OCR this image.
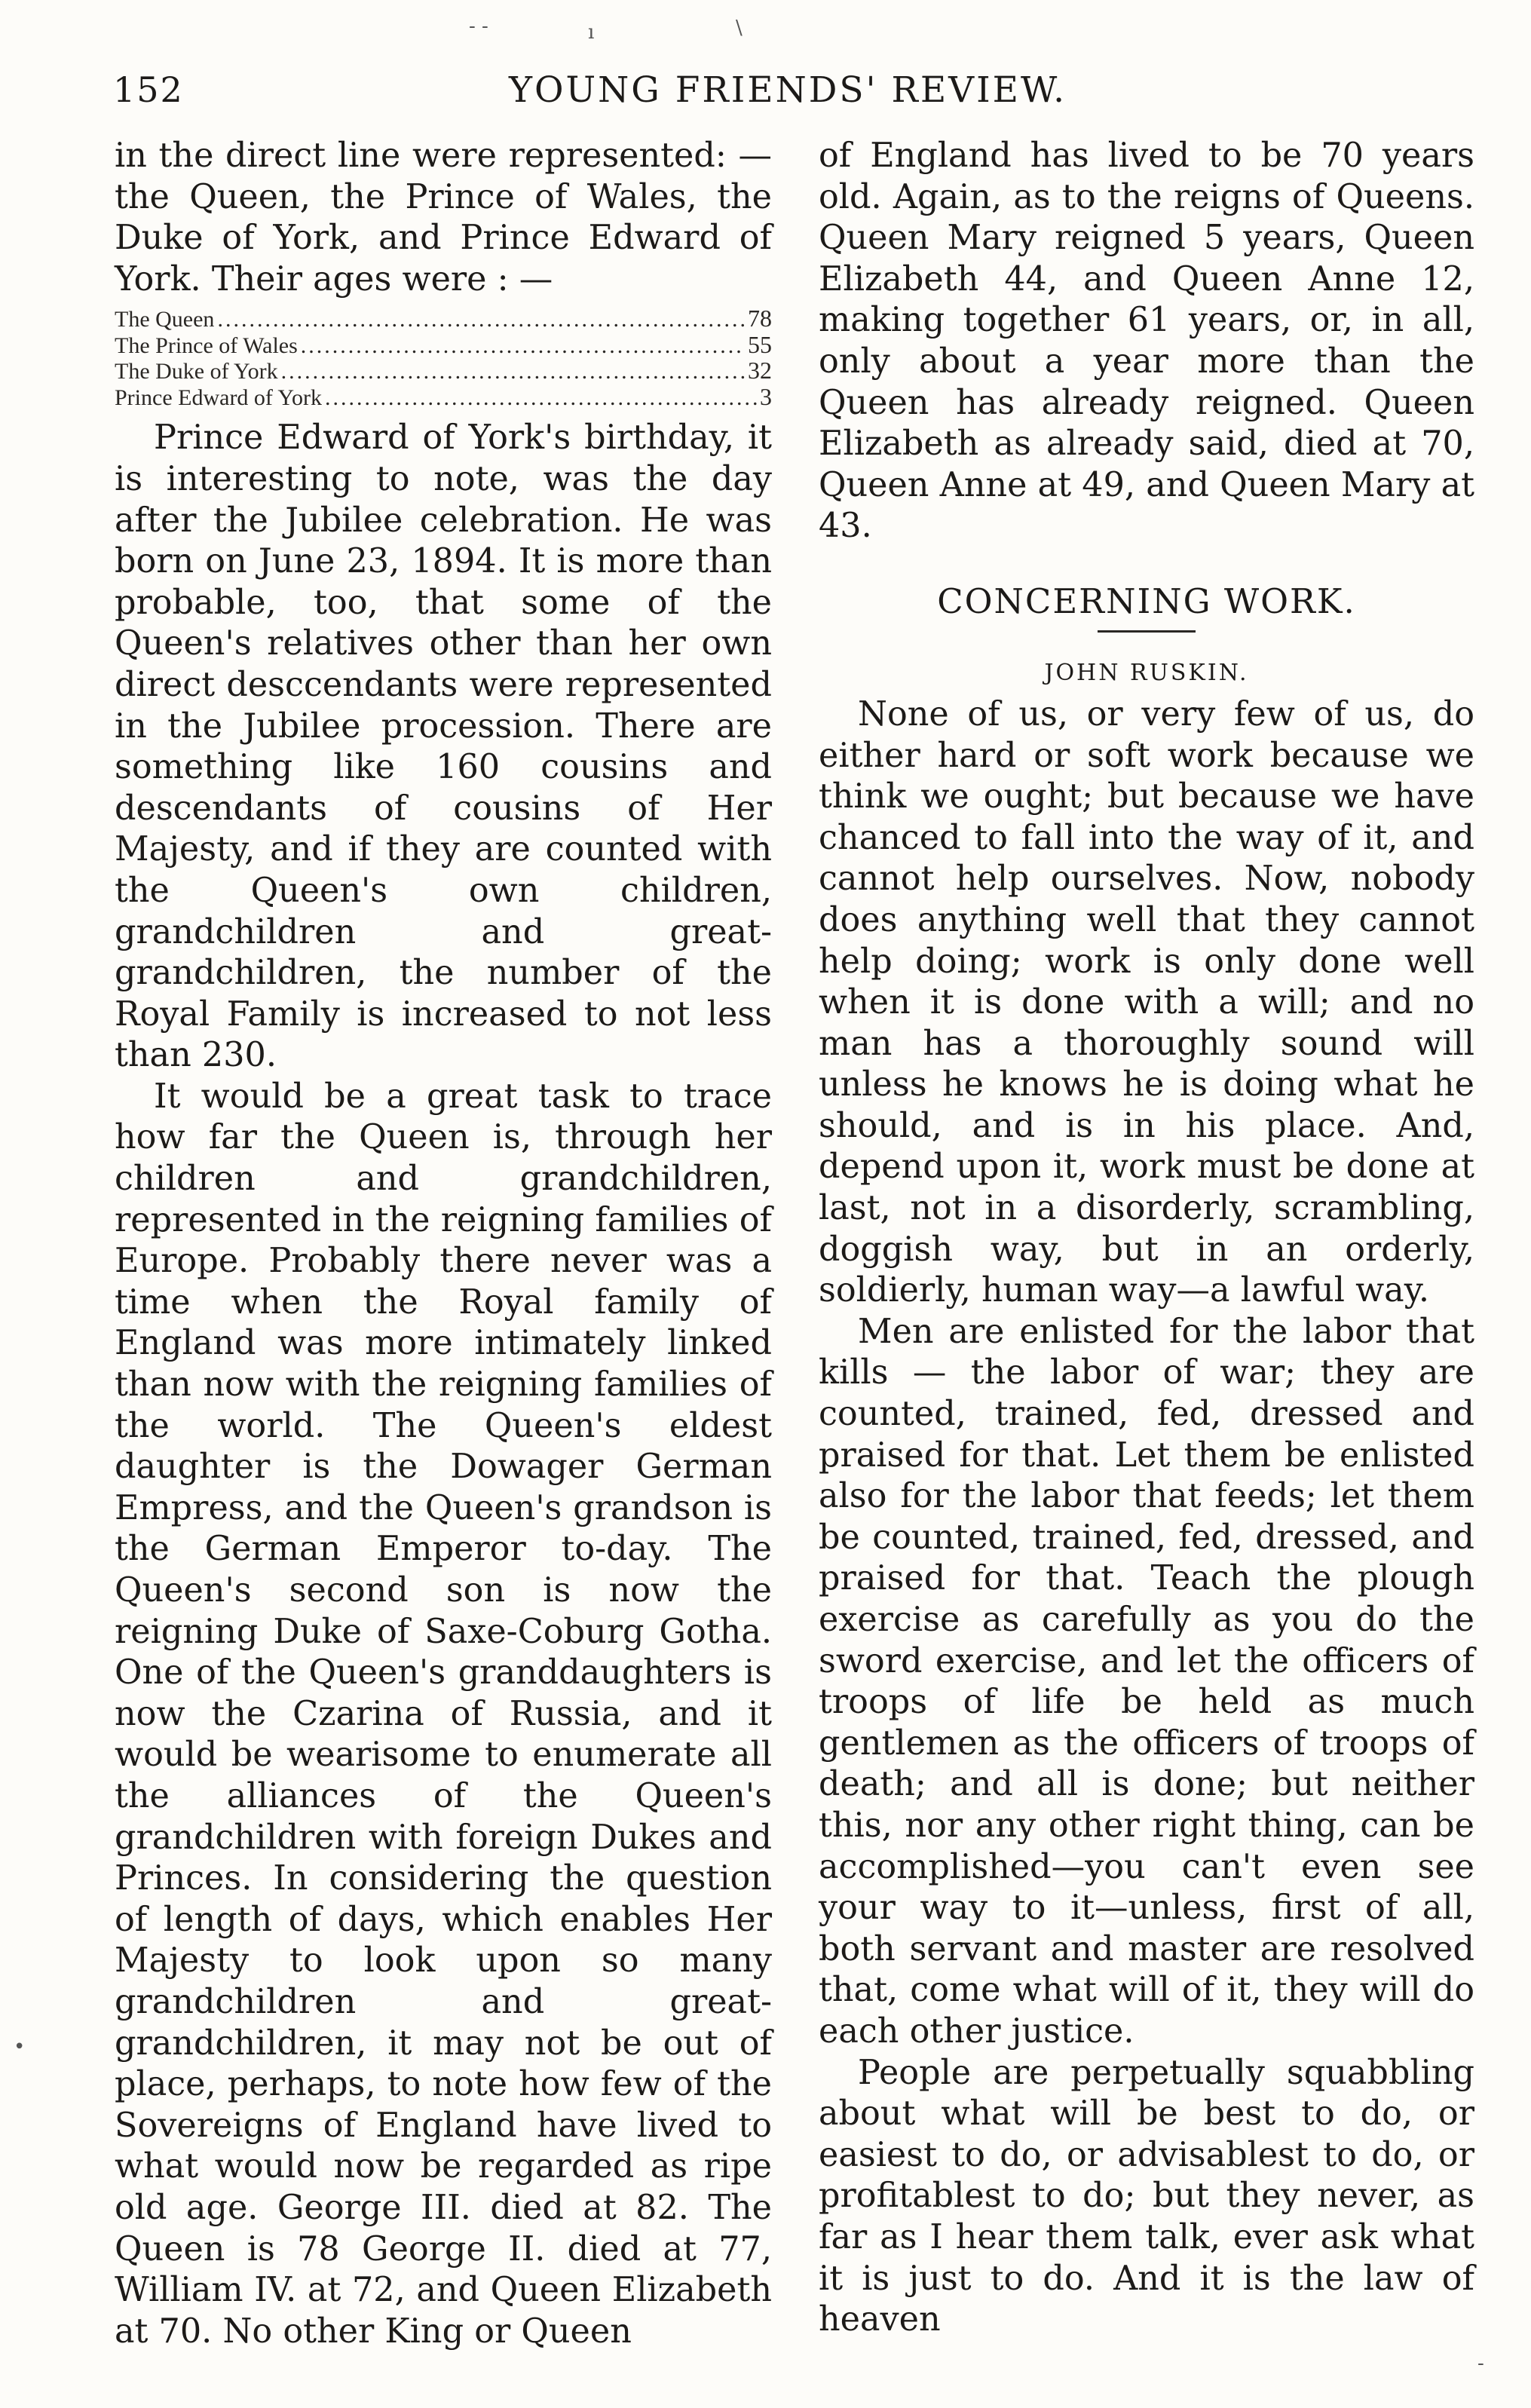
- -	ı	\
152	YOUNG FRIENDS' REVIEW.

in the direct line were represented: —the Queen, the Prince of Wales, the Duke of York, and Prince Edward of York. Their ages were : —

The Queen .....	78
The Prince of Wales .....	55
The Duke of York .....	32
Prince Edward of York .....	3

Prince Edward of York's birthday, it is interesting to note, was the day after the Jubilee celebration. He was born on June 23, 1894. It is more than probable, too, that some of the Queen's relatives other than her own direct desccendants were represented in the Jubilee procession. There are something like 160 cousins and descendants of cousins of Her Majesty, and if they are counted with the Queen's own children, grandchildren and great-grandchildren, the number of the Royal Family is increased to not less than 230.

It would be a great task to trace how far the Queen is, through her children and grandchildren, represented in the reigning families of Europe. Probably there never was a time when the Royal family of England was more intimately linked than now with the reigning families of the world. The Queen's eldest daughter is the Dowager German Empress, and the Queen's grandson is the German Emperor to-day. The Queen's second son is now the reigning Duke of Saxe-Coburg Gotha. One of the Queen's granddaughters is now the Czarina of Russia, and it would be wearisome to enumerate all the alliances of the Queen's grandchildren with foreign Dukes and Princes. In considering the question of length of days, which enables Her Majesty to look upon so many grandchildren and great-grandchildren, it may not be out of place, perhaps, to note how few of the Sovereigns of England have lived to what would now be regarded as ripe old age. George III. died at 82. The Queen is 78 George II. died at 77, William IV. at 72, and Queen Elizabeth at 70. No other King or Queen

of England has lived to be 70 years old. Again, as to the reigns of Queens. Queen Mary reigned 5 years, Queen Elizabeth 44, and Queen Anne 12, making together 61 years, or, in all, only about a year more than the Queen has already reigned. Queen Elizabeth as already said, died at 70, Queen Anne at 49, and Queen Mary at 43.

CONCERNING WORK.
JOHN RUSKIN.

None of us, or very few of us, do either hard or soft work because we think we ought; but because we have chanced to fall into the way of it, and cannot help ourselves. Now, nobody does anything well that they cannot help doing; work is only done well when it is done with a will; and no man has a thoroughly sound will unless he knows he is doing what he should, and is in his place. And, depend upon it, work must be done at last, not in a disorderly, scrambling, doggish way, but in an orderly, soldierly, human way—a lawful way.

Men are enlisted for the labor that kills — the labor of war; they are counted, trained, fed, dressed and praised for that. Let them be enlisted also for the labor that feeds; let them be counted, trained, fed, dressed, and praised for that. Teach the plough exercise as carefully as you do the sword exercise, and let the officers of troops of life be held as much gentlemen as the officers of troops of death; and all is done; but neither this, nor any other right thing, can be accomplished—you can't even see your way to it—unless, first of all, both servant and master are resolved that, come what will of it, they will do each other justice.

People are perpetually squabbling about what will be best to do, or easiest to do, or advisablest to do, or profitablest to do; but they never, as far as I hear them talk, ever ask what it is just to do. And it is the law of heaven

•
-
